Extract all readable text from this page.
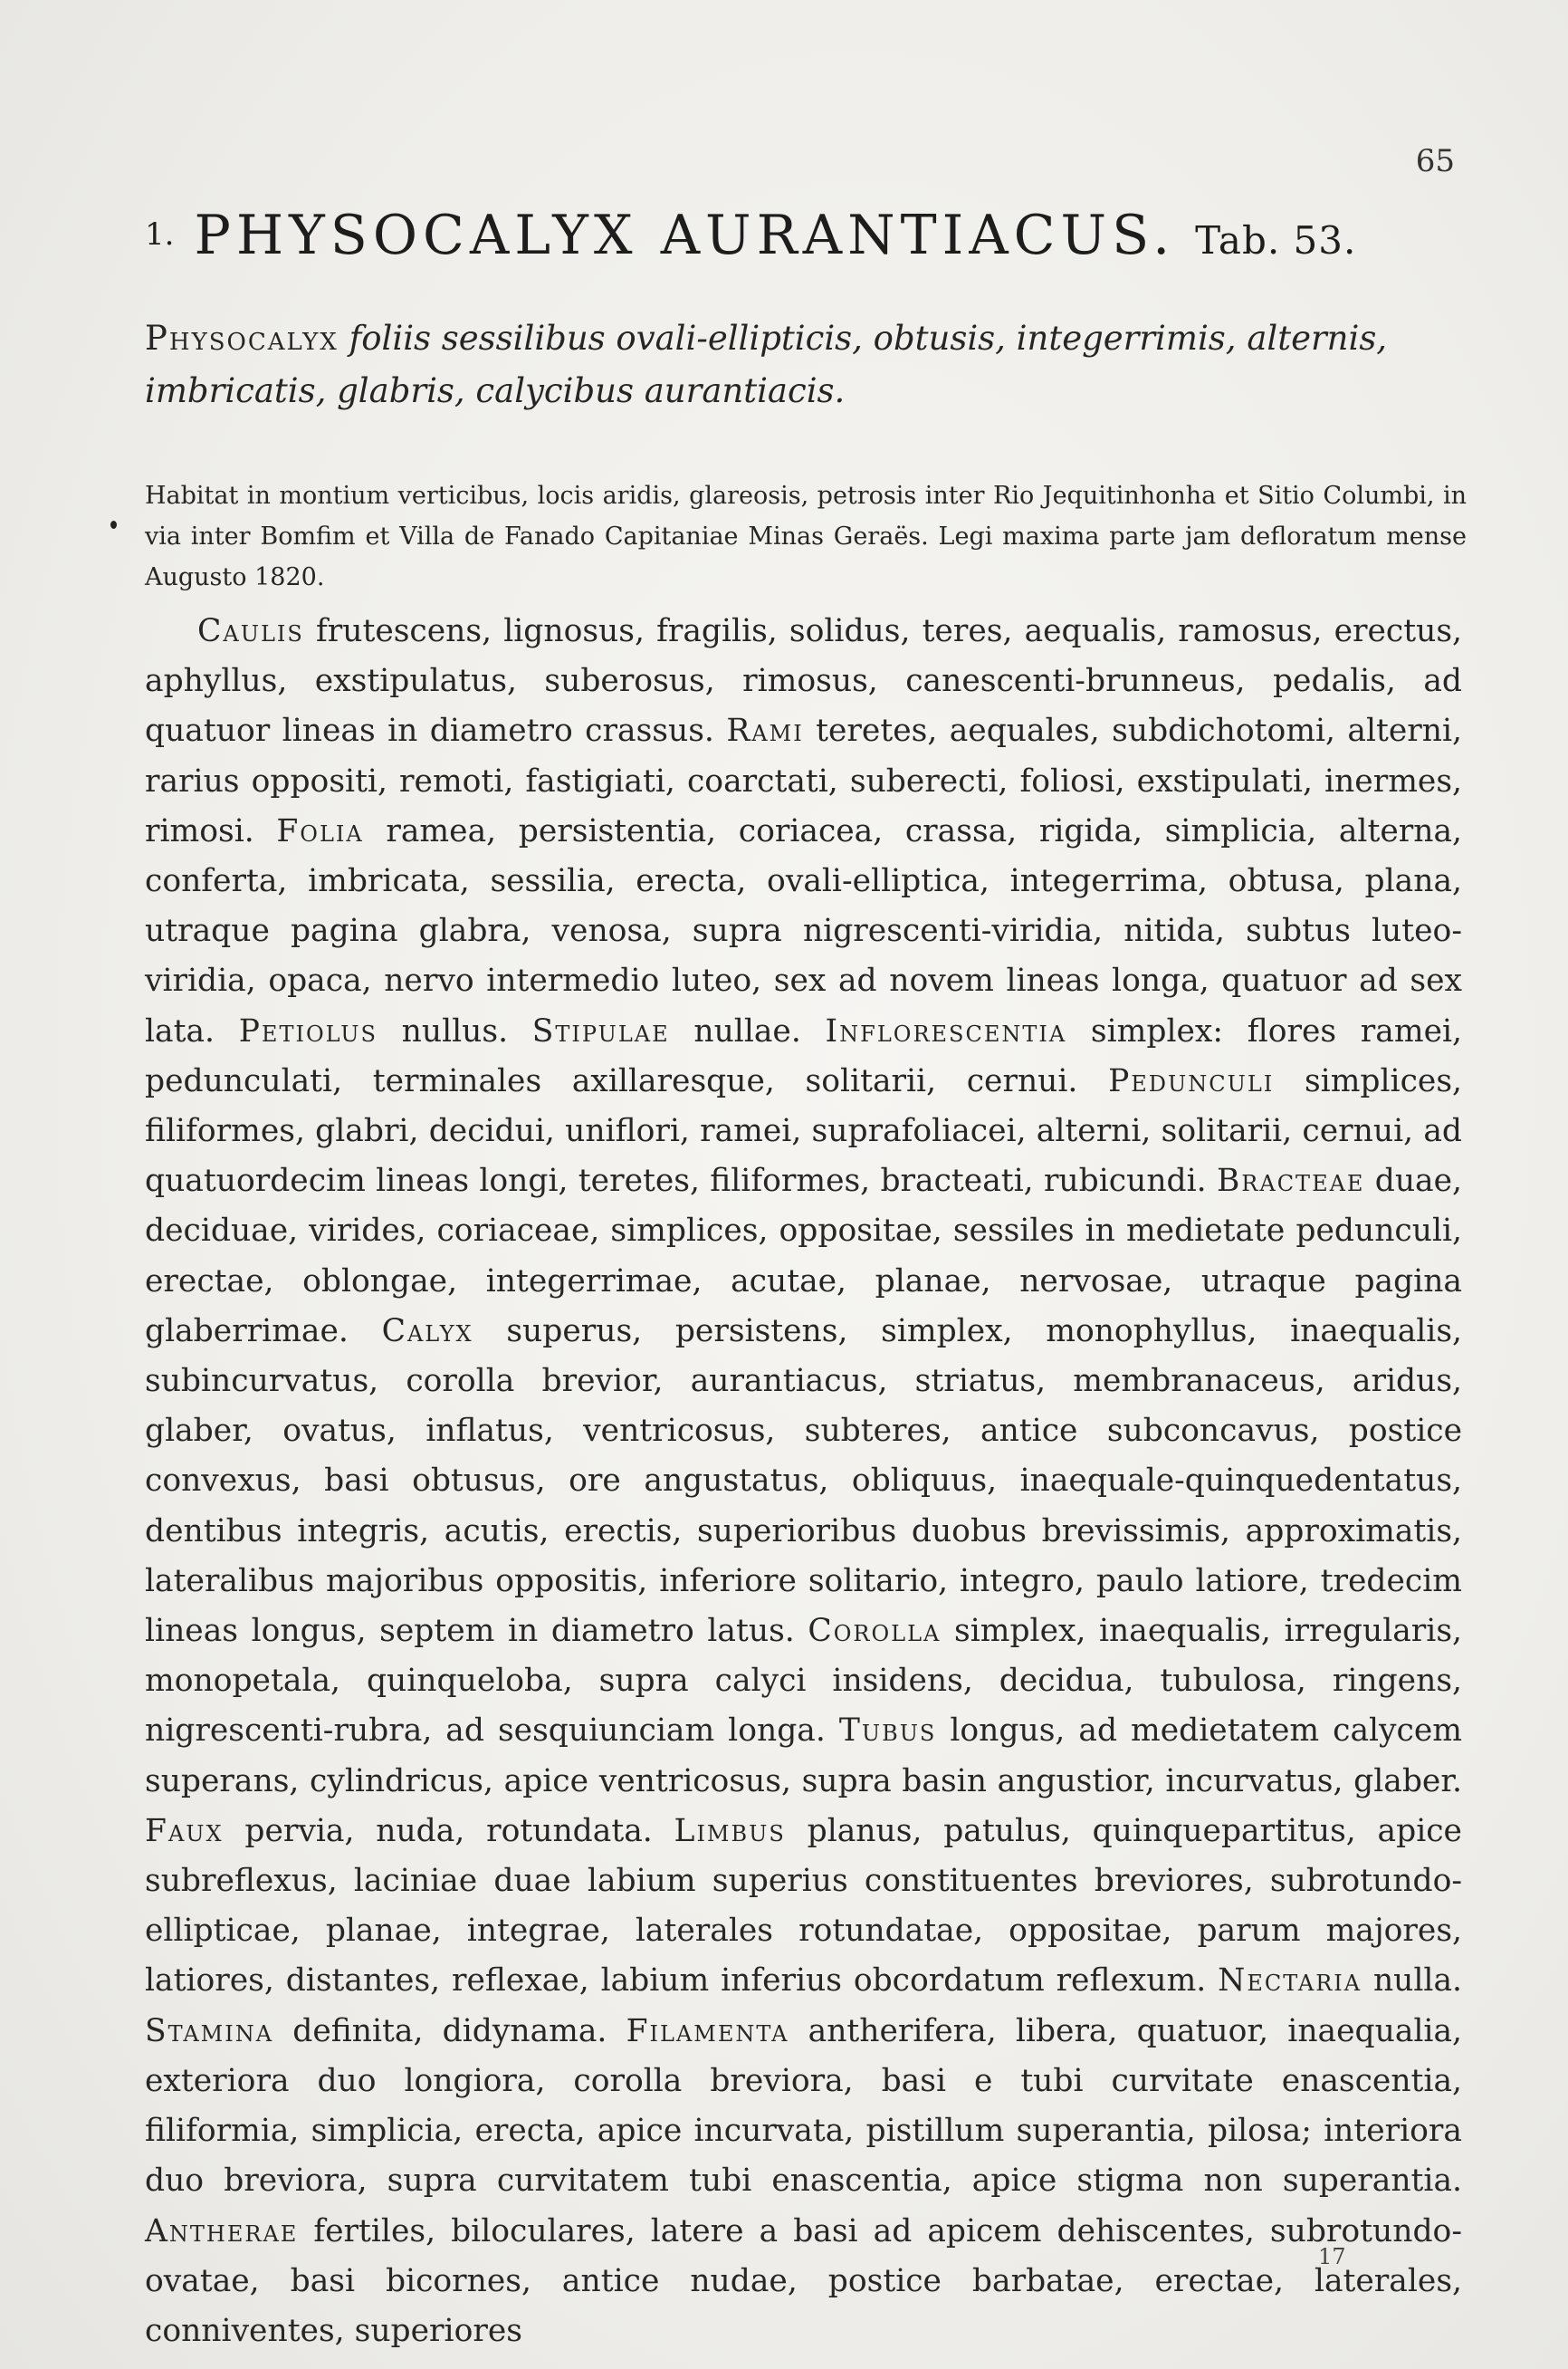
65
1. PHYSOCALYX AURANTIACUS. Tab. 53.
Physocalyx foliis sessilibus ovali-ellipticis, obtusis, integerrimis, alternis, imbricatis, glabris, calycibus aurantiacis.
Habitat in montium verticibus, locis aridis, glareosis, petrosis inter Rio Jequitinhonha et Sitio Columbi, in via inter Bomfim et Villa de Fanado Capitaniae Minas Geraës. Legi maxima parte jam defloratum mense Augusto 1820.
Caulis frutescens, lignosus, fragilis, solidus, teres, aequalis, ramosus, erectus, aphyllus, exstipulatus, suberosus, rimosus, canescenti-brunneus, pedalis, ad quatuor lineas in diametro crassus. Rami teretes, aequales, subdichotomi, alterni, rarius oppositi, remoti, fastigiati, coarctati, suberecti, foliosi, exstipulati, inermes, rimosi. Folia ramea, persistentia, coriacea, crassa, rigida, simplicia, alterna, conferta, imbricata, sessilia, erecta, ovali-elliptica, integerrima, obtusa, plana, utraque pagina glabra, venosa, supra nigrescenti-viridia, nitida, subtus luteo-viridia, opaca, nervo intermedio luteo, sex ad novem lineas longa, quatuor ad sex lata. Petiolus nullus. Stipulae nullae. Inflorescentia simplex: flores ramei, pedunculati, terminales axillaresque, solitarii, cernui. Pedunculi simplices, filiformes, glabri, decidui, uniflori, ramei, suprafoliacei, alterni, solitarii, cernui, ad quatuordecim lineas longi, teretes, filiformes, bracteati, rubicundi. Bracteae duae, deciduae, virides, coriaceae, simplices, oppositae, sessiles in medietate pedunculi, erectae, oblongae, integerrimae, acutae, planae, nervosae, utraque pagina glaberrimae. Calyx superus, persistens, simplex, monophyllus, inaequalis, subincurvatus, corolla brevior, aurantiacus, striatus, membranaceus, aridus, glaber, ovatus, inflatus, ventricosus, subteres, antice subconcavus, postice convexus, basi obtusus, ore angustatus, obliquus, inaequale-quinquedentatus, dentibus integris, acutis, erectis, superioribus duobus brevissimis, approximatis, lateralibus majoribus oppositis, inferiore solitario, integro, paulo latiore, tredecim lineas longus, septem in diametro latus. Corolla simplex, inaequalis, irregularis, monopetala, quinqueloba, supra calyci insidens, decidua, tubulosa, ringens, nigrescenti-rubra, ad sesquiunciam longa. Tubus longus, ad medietatem calycem superans, cylindricus, apice ventricosus, supra basin angustior, incurvatus, glaber. Faux pervia, nuda, rotundata. Limbus planus, patulus, quinquepartitus, apice subreflexus, laciniae duae labium superius constituentes breviores, subrotundo-ellipticae, planae, integrae, laterales rotundatae, oppositae, parum majores, latiores, distantes, reflexae, labium inferius obcordatum reflexum. Nectaria nulla. Stamina definita, didynama. Filamenta antherifera, libera, quatuor, inaequalia, exteriora duo longiora, corolla breviora, basi e tubi curvitate enascentia, filiformia, simplicia, erecta, apice incurvata, pistillum superantia, pilosa; interiora duo breviora, supra curvitatem tubi enascentia, apice stigma non superantia. Antherae fertiles, biloculares, latere a basi ad apicem dehiscentes, subrotundo-ovatae, basi bicornes, antice nudae, postice barbatae, erectae, laterales, conniventes, superiores
17
